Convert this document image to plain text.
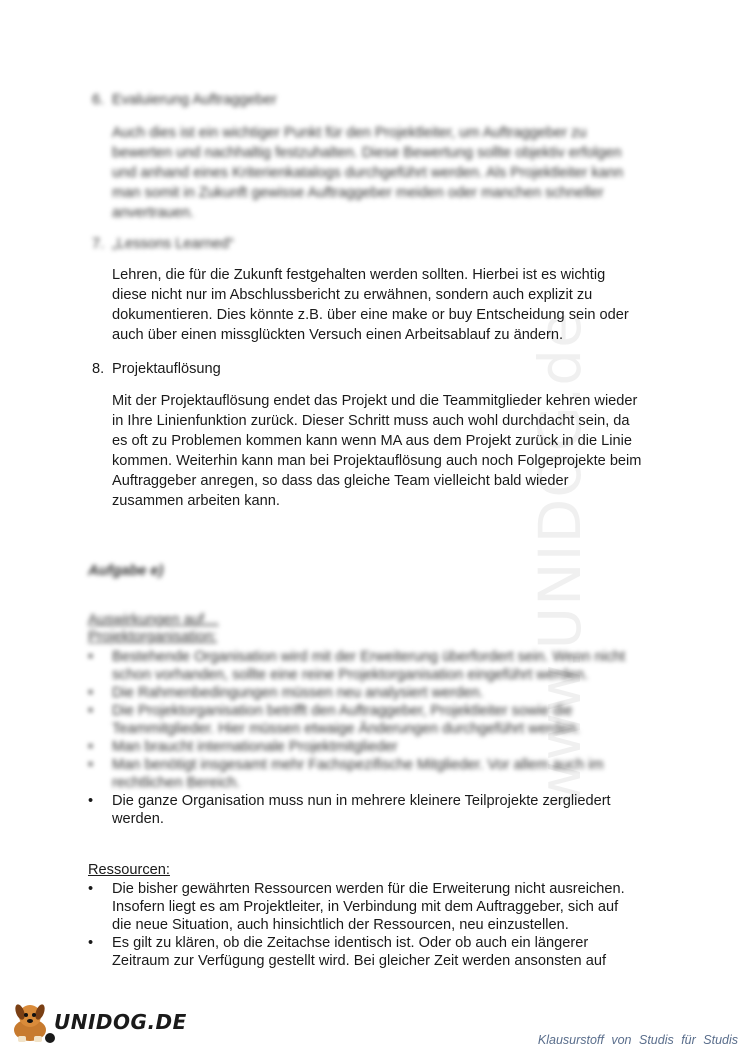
www.UNIDOG.de
6. Evaluierung Auftraggeber
Auch dies ist ein wichtiger Punkt für den Projektleiter, um Auftraggeber zu
bewerten und nachhaltig festzuhalten. Diese Bewertung sollte objektiv erfolgen
und anhand eines Kriterienkatalogs durchgeführt werden. Als Projektleiter kann
man somit in Zukunft gewisse Auftraggeber meiden oder manchen schneller
anvertrauen.
7. „Lessons Learned“
Lehren, die für die Zukunft festgehalten werden sollten. Hierbei ist es wichtig
diese nicht nur im Abschlussbericht zu erwähnen, sondern auch explizit zu
dokumentieren. Dies könnte z.B. über eine make or buy Entscheidung sein oder
auch über einen missglückten Versuch einen Arbeitsablauf zu ändern.
8. Projektauflösung
Mit der Projektauflösung endet das Projekt und die Teammitglieder kehren wieder
in Ihre Linienfunktion zurück. Dieser Schritt muss auch wohl durchdacht sein, da
es oft zu Problemen kommen kann wenn MA aus dem Projekt zurück in die Linie
kommen. Weiterhin kann man bei Projektauflösung auch noch Folgeprojekte beim
Auftraggeber anregen, so dass das gleiche Team vielleicht bald wieder
zusammen arbeiten kann.
Aufgabe e)
Auswirkungen auf…
Projektorganisation:
• Bestehende Organisation wird mit der Erweiterung überfordert sein. Wenn nicht
schon vorhanden, sollte eine reine Projektorganisation eingeführt werden.
• Die Rahmenbedingungen müssen neu analysiert werden.
• Die Projektorganisation betrifft den Auftraggeber, Projektleiter sowie die
Teammitglieder. Hier müssen etwaige Änderungen durchgeführt werden.
• Man braucht internationale Projektmitglieder
• Man benötigt insgesamt mehr Fachspezifische Mitglieder. Vor allem auch im
rechtlichen Bereich.
• Die ganze Organisation muss nun in mehrere kleinere Teilprojekte zergliedert
werden.
Ressourcen:
• Die bisher gewährten Ressourcen werden für die Erweiterung nicht ausreichen.
Insofern liegt es am Projektleiter, in Verbindung mit dem Auftraggeber, sich auf
die neue Situation, auch hinsichtlich der Ressourcen, neu einzustellen.
• Es gilt zu klären, ob die Zeitachse identisch ist. Oder ob auch ein längerer
Zeitraum zur Verfügung gestellt wird. Bei gleicher Zeit werden ansonsten auf
UNIDOG.DE
Klausurstoff von Studis für Studis
